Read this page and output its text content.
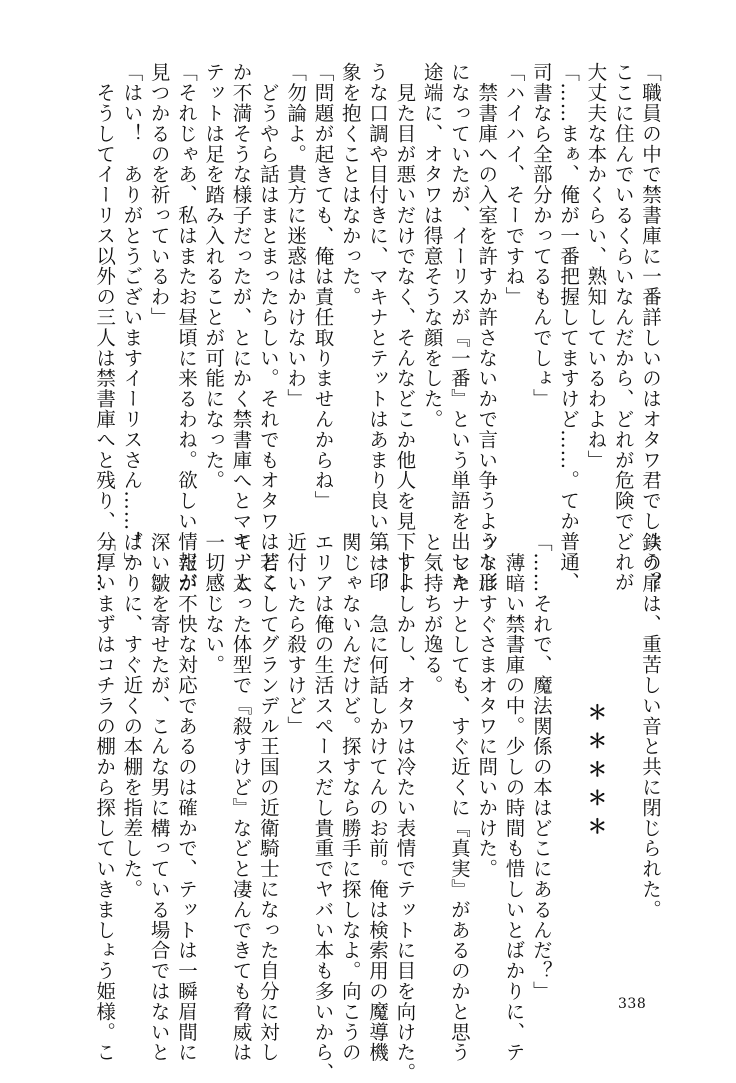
「職員の中で禁書庫に一番詳しいのはオタワ君でしょう？
ここに住んでいるくらいなんだから、どれが危険でどれが
大丈夫な本かくらい、熟知しているわよね」
「……まぁ、俺が一番把握してますけど……。てか普通、
司書なら全部分かってるもんでしょ」
「ハイハイ、そーですね」
　禁書庫への入室を許すか許さないかで言い争うような形
になっていたが、イーリスが『一番』という単語を出した
途端に、オタワは得意そうな顔をした。
　見た目が悪いだけでなく、そんなどこか他人を見下すよ
うな口調や目付きに、マキナとテットはあまり良い第一印
象を抱くことはなかった。
「問題が起きても、俺は責任取りませんからね」
「勿論よ。貴方に迷惑はかけないわ」
　どうやら話はまとまったらしい。それでもオタワはどこ
か不満そうな様子だったが、とにかく禁書庫へとマキナと
テットは足を踏み入れることが可能になった。
「それじゃあ、私はまたお昼頃に来るわね。欲しい情報が
見つかるのを祈っているわ」
「はい！　ありがとうございますイーリスさん……！」
　そうしてイーリス以外の三人は禁書庫へと残り、分厚い
鉄の扉は、重苦しい音と共に閉じられた。

＊＊＊＊＊

「……それで、魔法関係の本はどこにあるんだ？」
　薄暗い禁書庫の中。少しの時間も惜しいとばかりに、テ
ットはすぐさまオタワに問いかけた。
　マキナとしても、すぐ近くに『真実』があるのかと思う
と気持ちが逸る。
　――しかし、オタワは冷たい表情でテットに目を向けた。
「は？　急に何話しかけてんのお前。俺は検索用の魔導機
関じゃないんだけど。探すなら勝手に探しなよ。向こうの
エリアは俺の生活スペースだし貴重でヤバい本も多いから、
近付いたら殺すけど」
　若くしてグランデル王国の近衛騎士になった自分に対し
て、太った体型で『殺すけど』などと凄んできても脅威は
一切感じない。
　だが不快な対応であるのは確かで、テットは一瞬眉間に
深い皺を寄せたが、こんな男に構っている場合ではないと
ばかりに、すぐ近くの本棚を指差した。
「……まずはコチラの棚から探していきましょう姫様。こ	338
